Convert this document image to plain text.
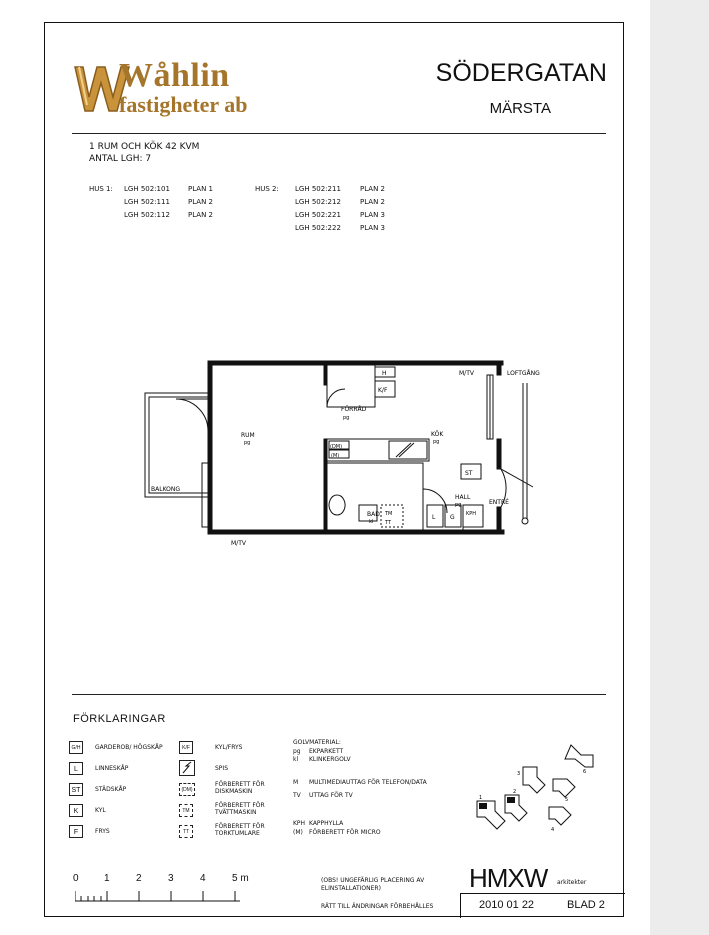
Wåhlin
fastigheter ab
SÖDERGATAN
MÄRSTA
1 RUM OCH KÖK 42 KVM
ANTAL LGH: 7
HUS 1: LGH 502:101	PLAN 1
LGH 502:111	PLAN 2
LGH 502:112	PLAN 2
HUS 2: LGH 502:211	PLAN 2
LGH 502:212	PLAN 2
LGH 502:221	PLAN 3
LGH 502:222	PLAN 3
RUM
pg
KÖK
pg
FÖRRÅD
pg
BAD
kl
HALL
pg
BALKONG
LOFTGÅNG
ENTRÉ
M/TV
M/TV
H
K/F
ST
(DM)
(M)
TM
TT
L G KPH
FÖRKLARINGAR
G/H	GARDEROB/ HÖGSKÅP
L	LINNESKÅP
ST	STÄDSKÅP
K	KYL
F	FRYS
K/F	KYL/FRYS
SPIS
(DM)
FÖRBERETT FÖR DISKMASKIN
TM
FÖRBERETT FÖR TVÄTTMASKIN
TT
FÖRBERETT FÖR TORKTUMLARE
GOLVMATERIAL:
pg EKPARKETT
kl KLINKERGOLV
M MULTIMEDIAUTTAG FÖR TELEFON/DATA
TV UTTAG FÖR TV
KPH KAPPHYLLA
(M) FÖRBERETT FÖR MICRO
1
2
3
4
5
6
0	1	2	3	4	5 m	(OBS! UNGEFÄRLIG PLACERING AV
ELINSTALLATIONER)
RÄTT TILL ÄNDRINGAR FÖRBEHÅLLES
HMXW arkitekter
2010 01 22	BLAD 2
